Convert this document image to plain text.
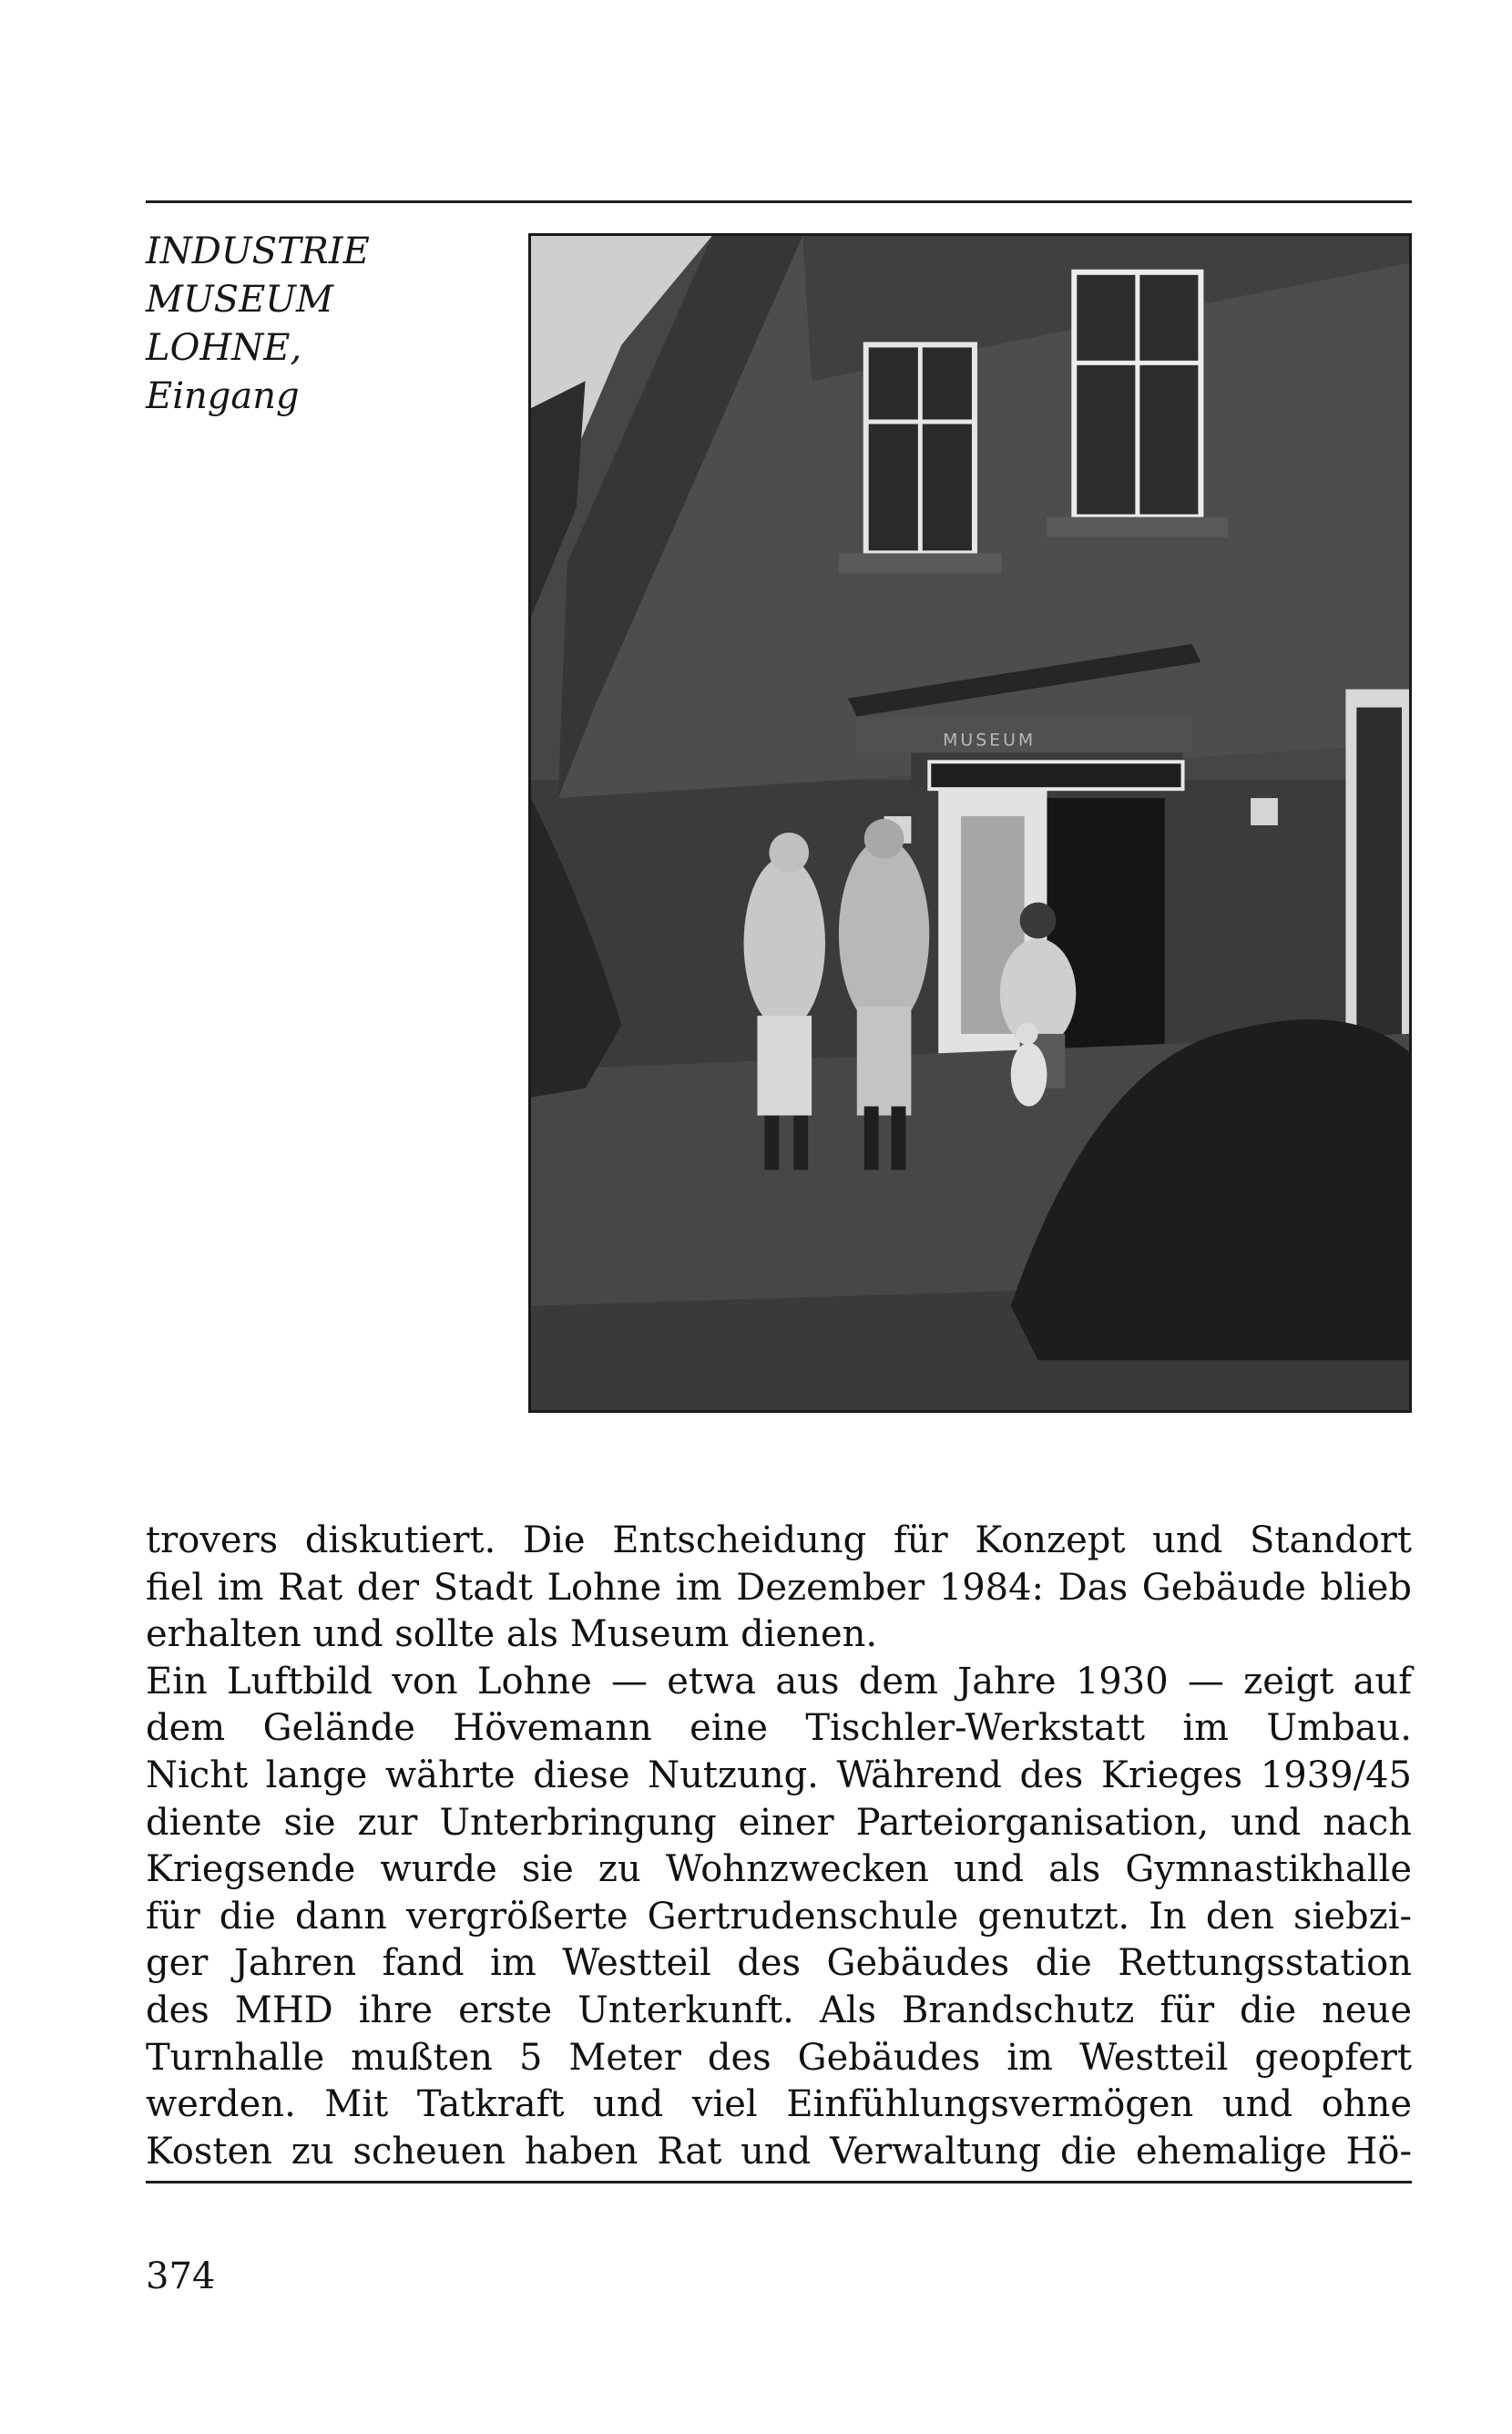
INDUSTRIE
MUSEUM
LOHNE,
Eingang
MUSEUM
trovers diskutiert. Die Entscheidung für Konzept und Standort
fiel im Rat der Stadt Lohne im Dezember 1984: Das Gebäude blieb
erhalten und sollte als Museum dienen.
Ein Luftbild von Lohne — etwa aus dem Jahre 1930 — zeigt auf
dem Gelände Hövemann eine Tischler-Werkstatt im Umbau.
Nicht lange währte diese Nutzung. Während des Krieges 1939/45
diente sie zur Unterbringung einer Parteiorganisation, und nach
Kriegsende wurde sie zu Wohnzwecken und als Gymnastikhalle
für die dann vergrößerte Gertrudenschule genutzt. In den siebzi-
ger Jahren fand im Westteil des Gebäudes die Rettungsstation
des MHD ihre erste Unterkunft. Als Brandschutz für die neue
Turnhalle mußten 5 Meter des Gebäudes im Westteil geopfert
werden. Mit Tatkraft und viel Einfühlungsvermögen und ohne
Kosten zu scheuen haben Rat und Verwaltung die ehemalige Hö-
374
